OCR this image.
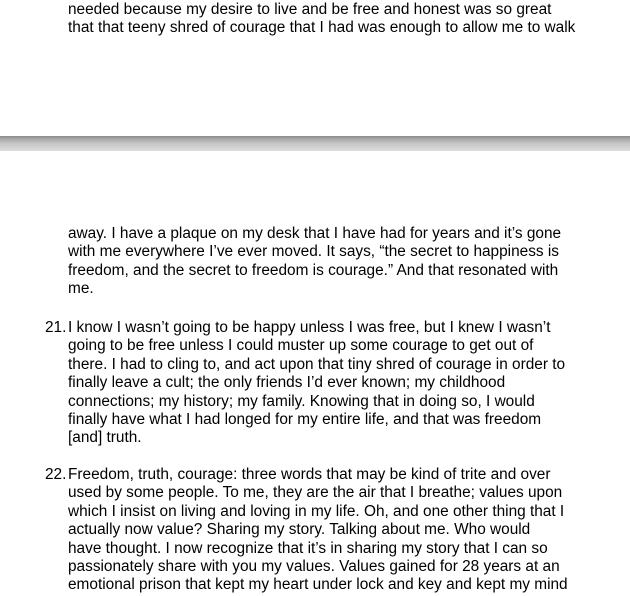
needed because my desire to live and be free and honest was so great
that that teeny shred of courage that I had was enough to allow me to walk
away. I have a plaque on my desk that I have had for years and it’s gone
with me everywhere I’ve ever moved. It says, “the secret to happiness is
freedom, and the secret to freedom is courage.” And that resonated with
me.
21. I know I wasn’t going to be happy unless I was free, but I knew I wasn’t
going to be free unless I could muster up some courage to get out of
there. I had to cling to, and act upon that tiny shred of courage in order to
finally leave a cult; the only friends I’d ever known; my childhood
connections; my history; my family. Knowing that in doing so, I would
finally have what I had longed for my entire life, and that was freedom
[and] truth.
22. Freedom, truth, courage: three words that may be kind of trite and over
used by some people. To me, they are the air that I breathe; values upon
which I insist on living and loving in my life. Oh, and one other thing that I
actually now value? Sharing my story. Talking about me. Who would
have thought. I now recognize that it’s in sharing my story that I can so
passionately share with you my values. Values gained for 28 years at an
emotional prison that kept my heart under lock and key and kept my mind
